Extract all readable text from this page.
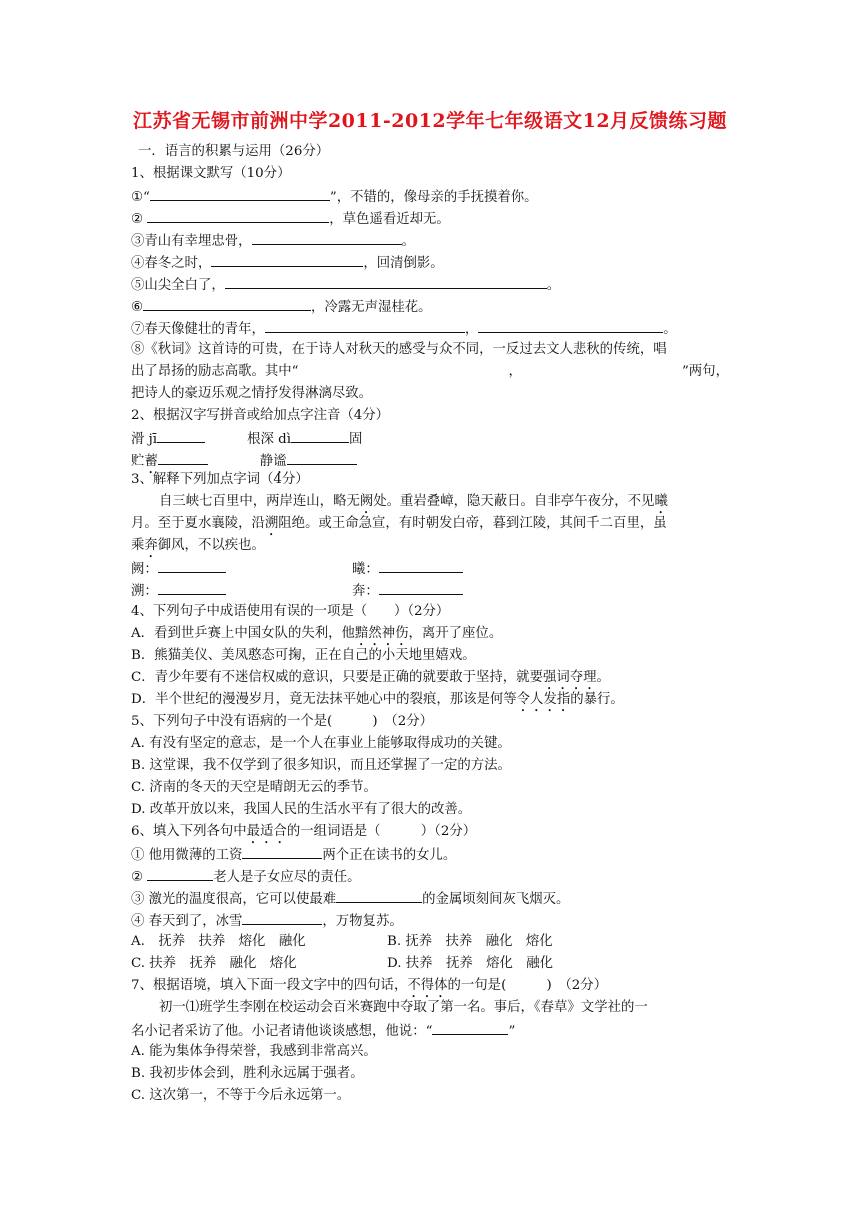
江苏省无锡市前洲中学2011-2012学年七年级语文12月反馈练习题
一．语言的积累与运用（26分）
1、根据课文默写（10分）
①“	”，不错的，像母亲的手抚摸着你。
②	，草色遥看近却无。
③青山有幸埋忠骨，	。
④春冬之时，	，回清倒影。
⑤山尖全白了，	。
⑥	，冷露无声湿桂花。
⑦春天像健壮的青年，	，	。
⑧《秋词》这首诗的可贵，在于诗人对秋天的感受与众不同，一反过去文人悲秋的传统，唱
出了昂扬的励志高歌。其中“	，	”两句，
把诗人的豪迈乐观之情抒发得淋漓尽致。
2、根据汉字写拼音或给加点字注音（4分）
滑 jī	根深 dì	固
贮蓄	静谧
3、解释下列加点字词（4分）
自三峡七百里中，两岸连山，略无阙处。重岩叠嶂，隐天蔽日。自非亭午夜分，不见曦
月。至于夏水襄陵，沿溯阻绝。或王命急宣，有时朝发白帝，暮到江陵，其间千二百里，虽
乘奔御风，不以疾也。
阙：	曦：
溯：	奔：
4、下列句子中成语使用有误的一项是（　　）（2分）
A．看到世乒赛上中国女队的失利，他黯然神伤，离开了座位。
B．熊猫美仪、美凤憨态可掬，正在自己的小天地里嬉戏。
C．青少年要有不迷信权威的意识，只要是正确的就要敢于坚持，就要强词夺理。
D．半个世纪的漫漫岁月，竟无法抹平她心中的裂痕，那该是何等令人发指的暴行。
5、下列句子中没有语病的一个是(　　　)　（2分）
A. 有没有坚定的意志，是一个人在事业上能够取得成功的关键。
B. 这堂课，我不仅学到了很多知识，而且还掌握了一定的方法。
C. 济南的冬天的天空是晴朗无云的季节。
D. 改革开放以来，我国人民的生活水平有了很大的改善。
6、填入下列各句中最适合的一组词语是（　　　）（2分）
① 他用微薄的工资	两个正在读书的女儿。
②	老人是子女应尽的责任。
③ 激光的温度很高，它可以使最难	的金属顷刻间灰飞烟灭。
④ 春天到了，冰雪	，万物复苏。
A.　抚养　扶养　熔化　融化	B. 抚养　扶养　融化　熔化
C. 扶养　抚养　融化　熔化	D. 扶养　抚养　熔化　融化
7、根据语境，填入下面一段文字中的四句话，不得体的一句是(　　　)　（2分）
初一⑴班学生李刚在校运动会百米赛跑中夺取了第一名。事后，《春草》文学社的一
名小记者采访了他。小记者请他谈谈感想，他说：“	”
A. 能为集体争得荣誉，我感到非常高兴。
B. 我初步体会到，胜利永远属于强者。
C. 这次第一，不等于今后永远第一。
